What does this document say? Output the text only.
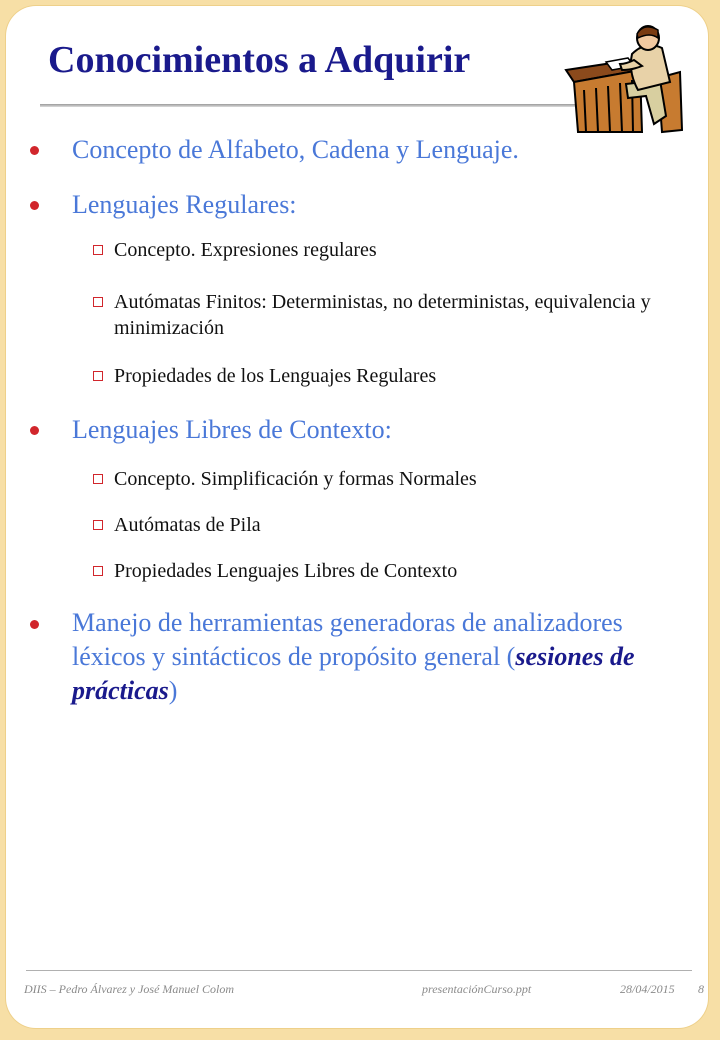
Conocimientos a Adquirir
Concepto de Alfabeto, Cadena y Lenguaje.
Lenguajes Regulares:
Concepto. Expresiones regulares
Autómatas Finitos: Deterministas, no deterministas, equivalencia y minimización
Propiedades de los Lenguajes Regulares
Lenguajes Libres de Contexto:
Concepto. Simplificación y formas Normales
Autómatas de Pila
Propiedades Lenguajes Libres de Contexto
Manejo de herramientas generadoras de analizadores léxicos y sintácticos de propósito general (sesiones de prácticas)
DIIS – Pedro Álvarez y José Manuel Colom	presentaciónCurso.ppt	28/04/2015 8
